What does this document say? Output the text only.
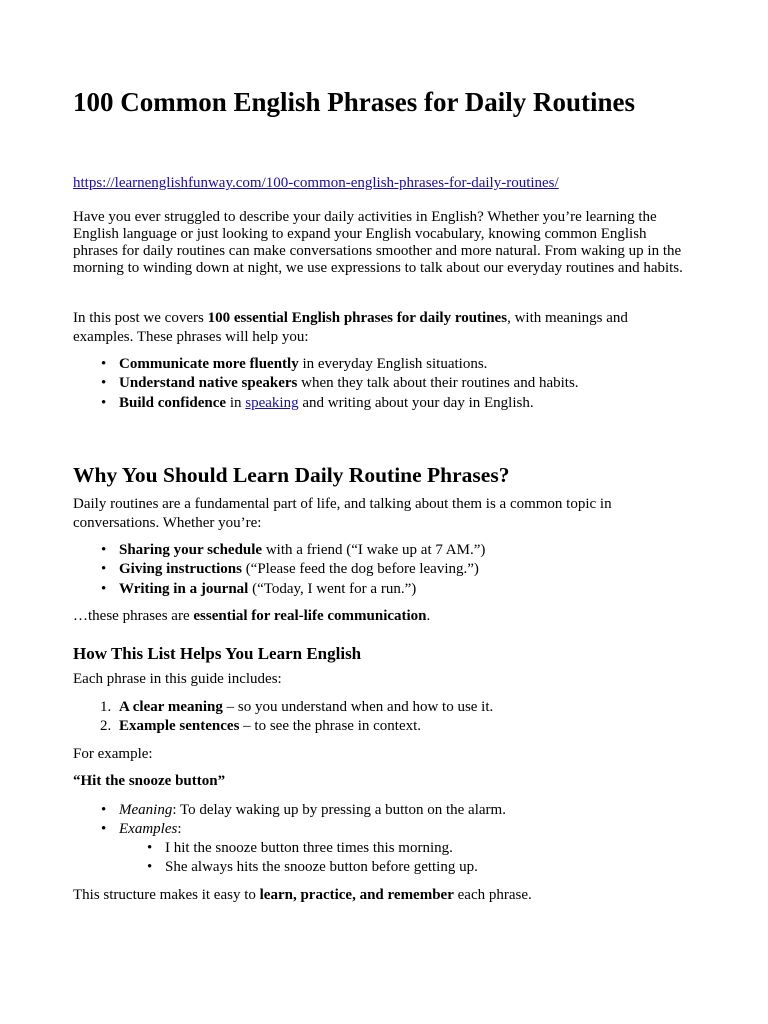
100 Common English Phrases for Daily Routines

https://learnenglishfunway.com/100-common-english-phrases-for-daily-routines/

Have you ever struggled to describe your daily activities in English? Whether you’re learning the English language or just looking to expand your English vocabulary, knowing common English phrases for daily routines can make conversations smoother and more natural. From waking up in the morning to winding down at night, we use expressions to talk about our everyday routines and habits.

In this post we covers 100 essential English phrases for daily routines, with meanings and examples. These phrases will help you:

• Communicate more fluently in everyday English situations.
• Understand native speakers when they talk about their routines and habits.
• Build confidence in speaking and writing about your day in English.
Why You Should Learn Daily Routine Phrases?

Daily routines are a fundamental part of life, and talking about them is a common topic in conversations. Whether you’re:

• Sharing your schedule with a friend (“I wake up at 7 AM.”)
• Giving instructions (“Please feed the dog before leaving.”)
• Writing in a journal (“Today, I went for a run.”)

…these phrases are essential for real-life communication.

How This List Helps You Learn English

Each phrase in this guide includes:

1. A clear meaning – so you understand when and how to use it.
2. Example sentences – to see the phrase in context.

For example:

“Hit the snooze button”

• Meaning: To delay waking up by pressing a button on the alarm.
• Examples:
• I hit the snooze button three times this morning.
• She always hits the snooze button before getting up.

This structure makes it easy to learn, practice, and remember each phrase.
